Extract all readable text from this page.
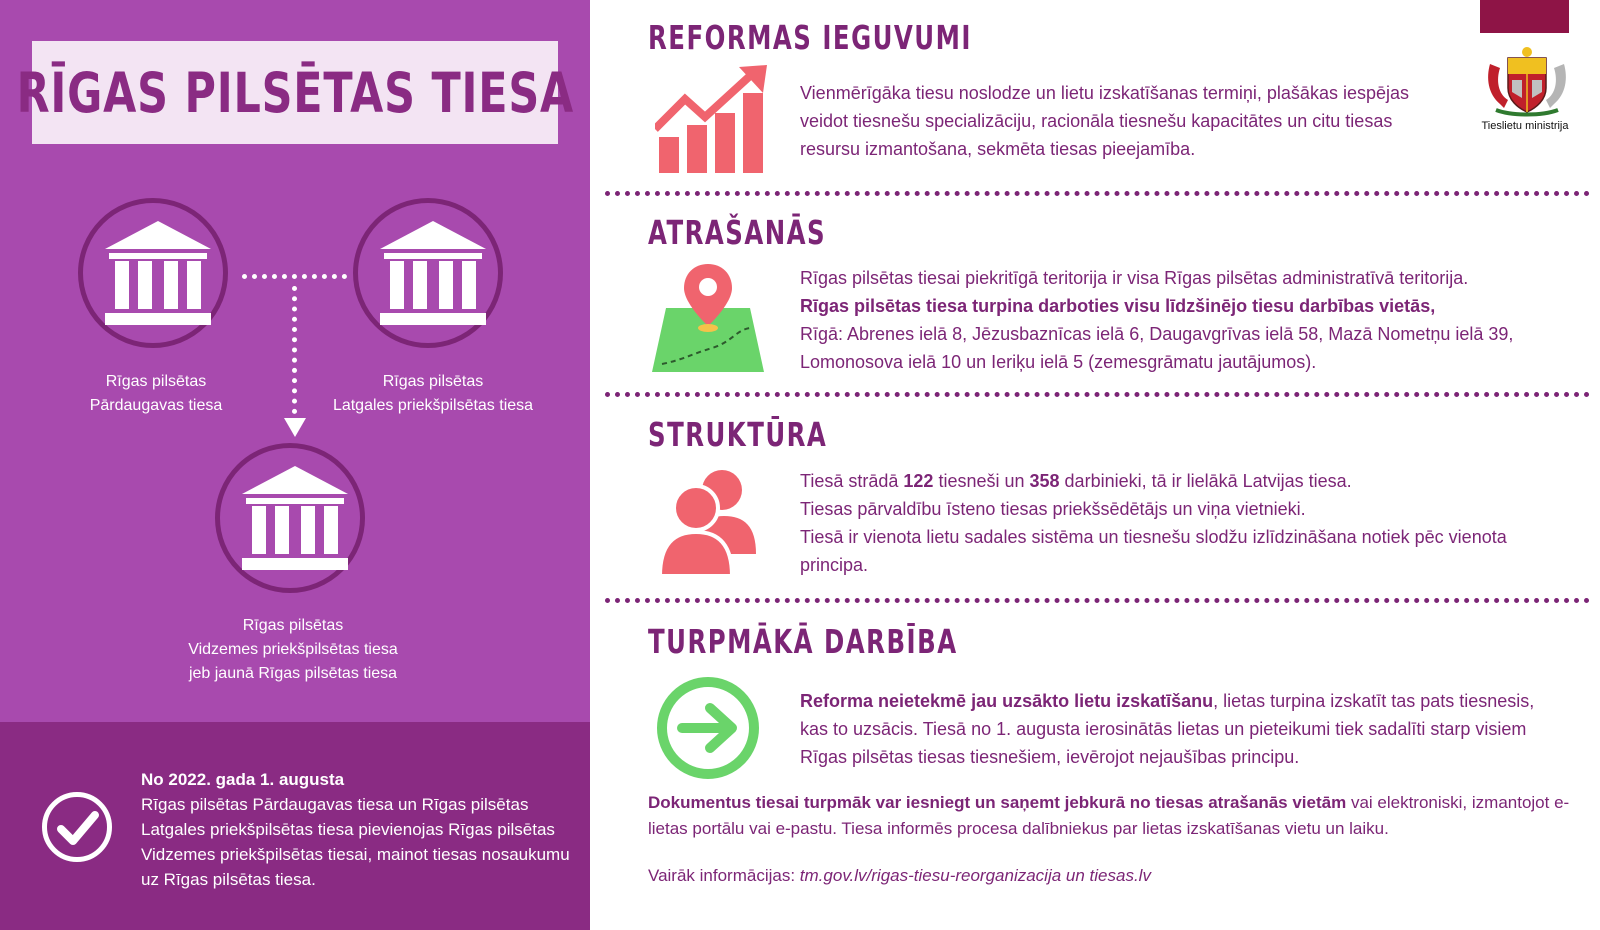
RĪGAS PILSĒTAS TIESA
Rīgas pilsētas
Pārdaugavas tiesa
Rīgas pilsētas
Latgales priekšpilsētas tiesa
Rīgas pilsētas
Vidzemes priekšpilsētas tiesa
jeb jaunā Rīgas pilsētas tiesa
No 2022. gada 1. augusta
Rīgas pilsētas Pārdaugavas tiesa un Rīgas pilsētas Latgales priekšpilsētas tiesa pievienojas Rīgas pilsētas Vidzemes priekšpilsētas tiesai, mainot tiesas nosaukumu uz Rīgas pilsētas tiesa.
Tieslietu ministrija
REFORMAS IEGUVUMI
Vienmērīgāka tiesu noslodze un lietu izskatīšanas termiņi, plašākas iespējas veidot tiesnešu specializāciju, racionāla tiesnešu kapacitātes un citu tiesas resursu izmantošana, sekmēta tiesas pieejamība.
ATRAŠANĀS
Rīgas pilsētas tiesai piekritīgā teritorija ir visa Rīgas pilsētas administratīvā teritorija.
Rīgas pilsētas tiesa turpina darboties visu līdzšinējo tiesu darbības vietās,
Rīgā: Abrenes ielā 8, Jēzusbaznīcas ielā 6, Daugavgrīvas ielā 58, Mazā Nometņu ielā 39, Lomonosova ielā 10 un Ieriķu ielā 5 (zemesgrāmatu jautājumos).
STRUKTŪRA
Tiesā strādā 122 tiesneši un 358 darbinieki, tā ir lielākā Latvijas tiesa.
Tiesas pārvaldību īsteno tiesas priekšsēdētājs un viņa vietnieki.
Tiesā ir vienota lietu sadales sistēma un tiesnešu slodžu izlīdzināšana notiek pēc vienota principa.
TURPMĀKĀ DARBĪBA
Reforma neietekmē jau uzsākto lietu izskatīšanu, lietas turpina izskatīt tas pats tiesnesis, kas to uzsācis. Tiesā no 1. augusta ierosinātās lietas un pieteikumi tiek sadalīti starp visiem Rīgas pilsētas tiesas tiesnešiem, ievērojot nejaušības principu.
Dokumentus tiesai turpmāk var iesniegt un saņemt jebkurā no tiesas atrašanās vietām vai elektroniski, izmantojot e-lietas portālu vai e-pastu. Tiesa informēs procesa dalībniekus par lietas izskatīšanas vietu un laiku.
Vairāk informācijas: tm.gov.lv/rigas-tiesu-reorganizacija un tiesas.lv
